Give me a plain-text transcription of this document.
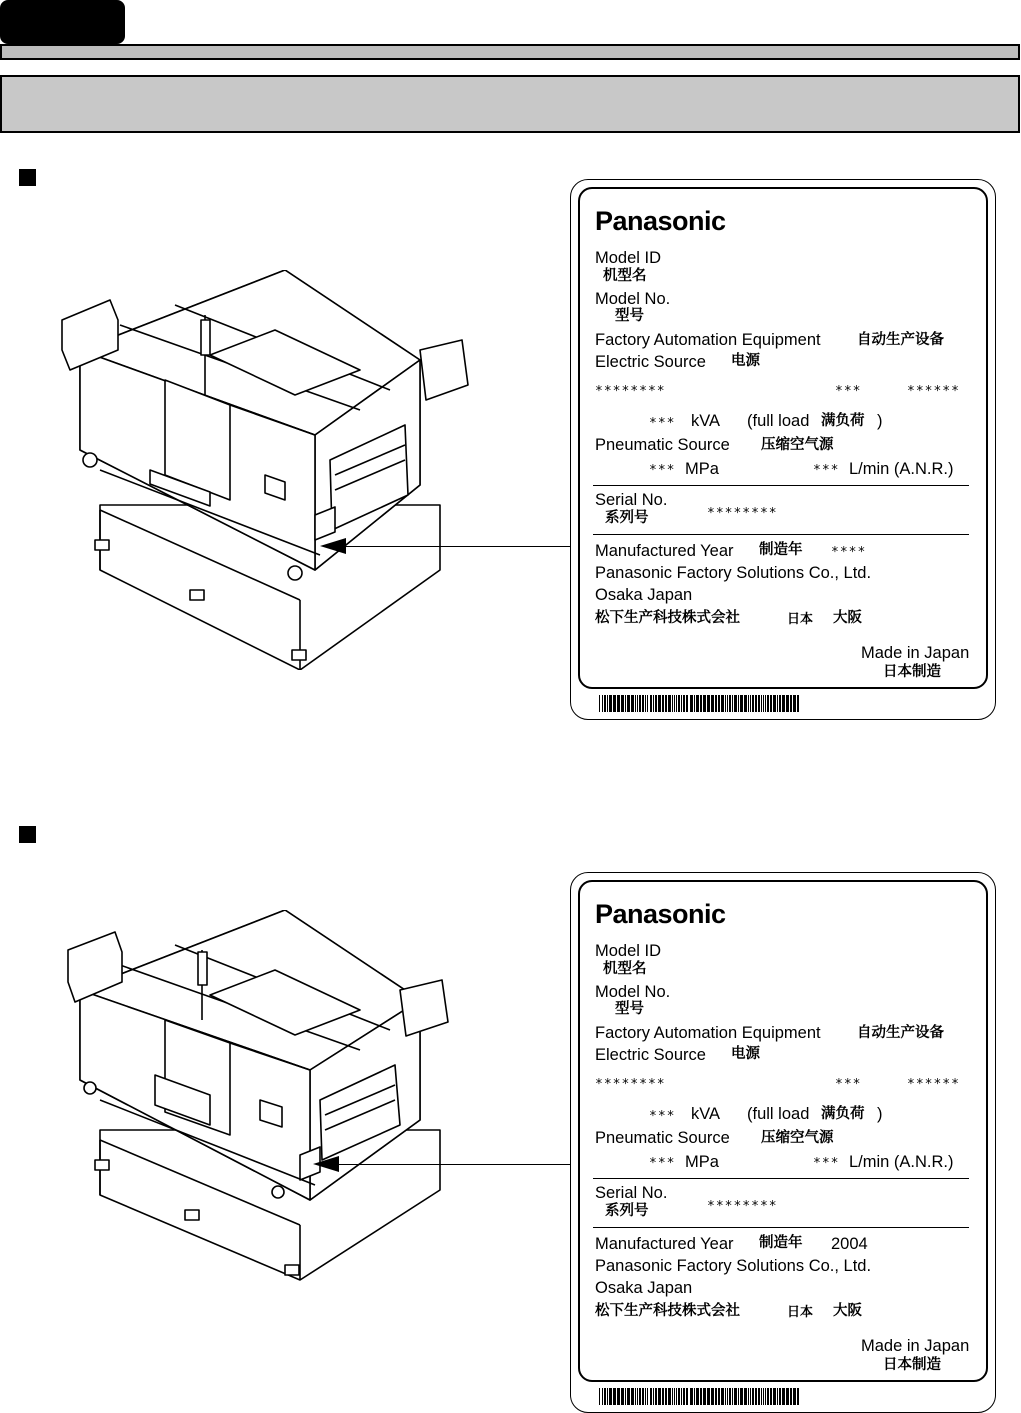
Panasonic
Model ID
机型名
Model No.
型号
Factory Automation Equipment	自动生产设备
Electric Source 电源
********	***	******
*** kVA (full load 满负荷 )
Pneumatic Source 压缩空气源
*** MPa	*** L/min (A.N.R.)
Serial No.
系列号	********
Manufactured Year 制造年 ****
Panasonic Factory Solutions Co., Ltd.
Osaka Japan
松下生产科技株式会社	日本 大阪
Made in Japan
日本制造
Panasonic
Model ID
机型名
Model No.
型号
Factory Automation Equipment	自动生产设备
Electric Source 电源
********	***	******
*** kVA (full load 满负荷 )
Pneumatic Source 压缩空气源
*** MPa	*** L/min (A.N.R.)
Serial No.
系列号	********
Manufactured Year 制造年 2004
Panasonic Factory Solutions Co., Ltd.
Osaka Japan
松下生产科技株式会社	日本 大阪
Made in Japan
日本制造
